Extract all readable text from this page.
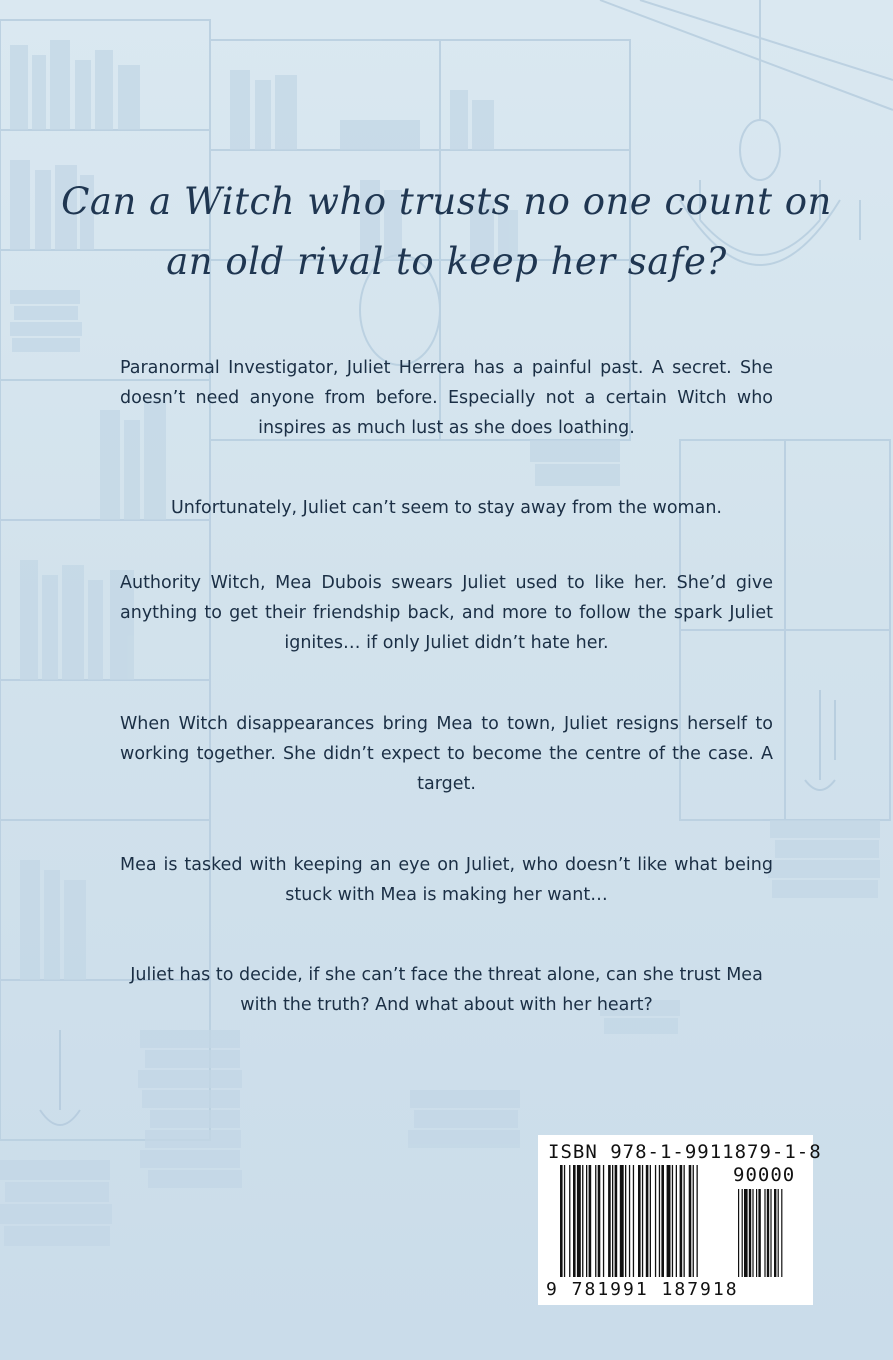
Can a Witch who trusts no one count on
an old rival to keep her safe?
Paranormal Investigator, Juliet Herrera has a painful past. A secret. She doesn’t need anyone from before. Especially not a certain Witch who inspires as much lust as she does loathing.
Unfortunately, Juliet can’t seem to stay away from the woman.
Authority Witch, Mea Dubois swears Juliet used to like her. She’d give anything to get their friendship back, and more to follow the spark Juliet ignites… if only Juliet didn’t hate her.
When Witch disappearances bring Mea to town, Juliet resigns herself to working together. She didn’t expect to become the centre of the case. A target.
Mea is tasked with keeping an eye on Juliet, who doesn’t like what being stuck with Mea is making her want…
Juliet has to decide, if she can’t face the threat alone, can she trust Mea with the truth? And what about with her heart?
ISBN 978-1-9911879-1-8
90000
9 781991 187918
